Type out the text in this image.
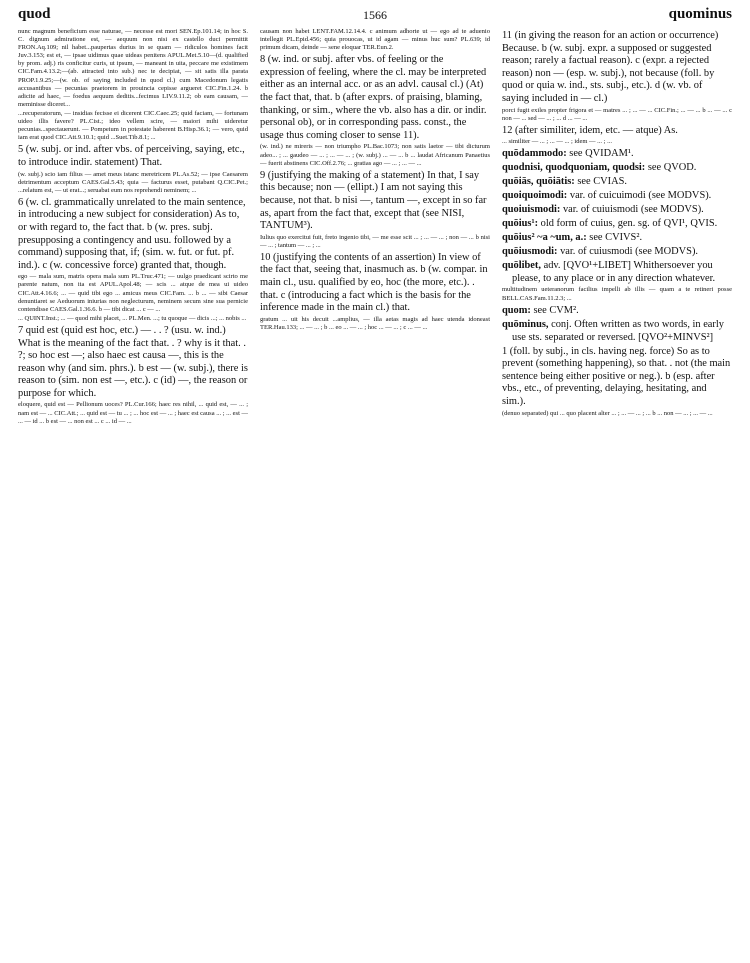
quod	1566	quominus

nunc magnum beneficium esse naturae, — necesse est mori SEN.Ep.101.14; in hoc S. C. dignum admiratione est, — aequum non nisi ex castello duci permittit FRON.Aq.109; nil habet...paupertas durius in se quam — ridiculos homines facit Juv.3.153; est et, — ipsae uidimus quae uideas penitens APUL.Met.5.10—(d. qualified by prom. adj.) ris conficitur curis, ut ipsum, — maneant in uita, peccare me existimem CIC.Fam.4.13.2;—(ab. attracted into sub.) nec te decipiat, — sit satis illa parata PROP.1.9.25;—(w. ob. of saying included in quod cl.) cum Macedonum legatis accusantibus — pecunias praetorem in prouincia cepisse argueret CIC.Fin.1.24. b adicite ad haec, — foedus aequum deditis...fecimus LIV.9.11.2; ob eam causam, — meminisse diceret...

...recuperatorum, — insidias fecisse ei dicerent CIC.Caec.25; quid faciam, — fortunam uideo illis favere? PL.Cist.; ideo vellem scire, — maiori mihi uideretur pecunias...spectauerunt. — Pompeium in potestate haberent B.Hisp.36.1; — vero, quid iam erat quod CIC.Att.9.10.1; quid ...Suet.Tib.8.1; ...

5 (w. subj. or ind. after vbs. of perceiving, saying, etc., to introduce indir. statement) That.

(w. subj.) scio iam filius — amet meus istanc meretricem PL.As.52; — ipse Caesarem detrimentum acceptum CAES.Gal.5.43; quia — facturus esset, putabant Q.CIC.Pet.; ...relatum est, — ut erat...; seruabat eum nos reprehendi neminem; ...

6 (w. cl. grammatically unrelated to the main sentence, in introducing a new subject for consideration) As to, or with regard to, the fact that. b (w. pres. subj. presupposing a contingency and usu. followed by a command) supposing that, if; (sim. w. fut. or fut. pf. ind.). c (w. concessive force) granted that, though.

ego — mala sum, matris opera mala sum PL.Truc.471; — uulgo praedicant scirto me parente natum, non ita est APUL.Apol.48; — scis ... atque de mea ui uideo CIC.Att.4.16.6; ... — quid tibi ego ... amicus meus CIC.Fam. ... b ... — sibi Caesar denuntiaret se Aeduorum iniurias non neglecturum, neminem secum sine sua pernicie contendisse CAES.Gal.1.36.6. b — tibi dicat ... c — ...

... QUINT.Inst.; ... — quod mihi placet, ... PL.Men. ...; tu quoque — dicis ...; ... nobis ...

7 quid est (quid est hoc, etc.) — . . ? (usu. w. ind.) What is the meaning of the fact that. . ? why is it that. . ?; so hoc est —; also haec est causa —, this is the reason why (and sim. phrs.). b est — (w. subj.), there is reason to (sim. non est —, etc.). c (id) —, the reason or purpose for which.

eloquere, quid est — Pellionum uoces? PL.Cur.166; haec res nihil, ... quid est, — ... ; nam est — ... CIC.Att.; ... quid est — tu ... ; ... hoc est — ... ; haec est causa ... ; ... est — ... — id ... b est — ... non est ... c ... id — ...

causam non habet LENT.FAM.12.14.4. c animum adhorte ut — ego ad te aduenio intellegit PL.Epid.456; quia prouocas, ut id agam — minus huc sum? PL.639; id primum dicam, deinde — sene eloquar TER.Eun.2.

8 (w. ind. or subj. after vbs. of feeling or the expression of feeling, where the cl. may be interpreted either as an internal acc. or as an advl. causal cl.) (At) the fact that, that. b (after exprs. of praising, blaming, thanking, or sim., where the vb. also has a dir. or indir. personal ob), or in corresponding pass. const., the usage thus coming closer to sense 11).

(w. ind.) ne mireris — non triumpho PL.Bac.1073; non satis laetor — tibi dicturum adeo... ; ... gaudeo — ... ; ... — ... ; (w. subj.) ... — ... b ... laudat Africanum Panaetius — fuerit abstinens CIC.Off.2.76; ... gratias ago — ... ; ... — ...

9 (justifying the making of a statement) In that, I say this because; non — (ellipt.) I am not saying this because, not that. b nisi —, tantum —, except in so far as, apart from the fact that, except that (see NISI, TANTUM³).

Iulius quo exercitui fuit, freto ingenio tibi, — me esse scit ... ; ... — ... ; non — ... b nisi — ... ; tantum — ... ; ...

10 (justifying the contents of an assertion) In view of the fact that, seeing that, inasmuch as. b (w. compar. in main cl., usu. qualified by eo, hoc (the more, etc.). . that. c (introducing a fact which is the basis for the inference made in the main cl.) that.

gratum ... uit his decuit ...amplius, — illa aetas magis ad haec utenda idoneast TER.Hau.133; ... — ... ; b ... eo ... — ... ; hoc ... — ... ; c ... — ...

11 (in giving the reason for an action or occurrence) Because. b (w. subj. expr. a supposed or suggested reason; rarely a factual reason). c (expr. a rejected reason) non — (esp. w. subj.), not because (foll. by quod or quia w. ind., sts. subj., etc.). d (w. vb. of saying included in — cl.)

porci fugit exiles propter frigora et — matres ... ; ... — ... CIC.Fin.; ... — ... b ... — ... c non — ... sed — ... ; ... d ... — ...

12 (after similiter, idem, etc. — atque) As.

... similiter — ... ; ... — ... ; idem — ... ; ...

quōdammodo: see QVIDAM¹.

quodnisi, quodquoniam, quodsi: see QVOD.

quōiās, quōiātis: see CVIAS.

quoiquoimodi: var. of cuicuimodi (see MODVS).

quoiuismodi: var. of cuiuismodi (see MODVS).

quōius¹: old form of cuius, gen. sg. of QVI¹, QVIS.

quōius² ~a ~um, a.: see CVIVS².

quōiusmodi: var. of cuiusmodi (see MODVS).

quōlibet, adv. [QVO¹+LIBET] Whithersoever you please, to any place or in any direction whatever.

multitudinem ueteranorum facilius impelli ab illis — quam a te retineri posse BELL.CAS.Fam.11.2.3; ...

quom: see CVM².

quōminus, conj. Often written as two words, in early use sts. separated or reversed. [QVO²+MINVS²]

1 (foll. by subj., in cls. having neg. force) So as to prevent (something happening), so that. . not (the main sentence being either positive or neg.). b (esp. after vbs., etc., of preventing, delaying, hesitating, and sim.).

(denuo separated) qui ... quo placent alter ... ; ... — ... ; ... b ... non — ... ; ... — ...
